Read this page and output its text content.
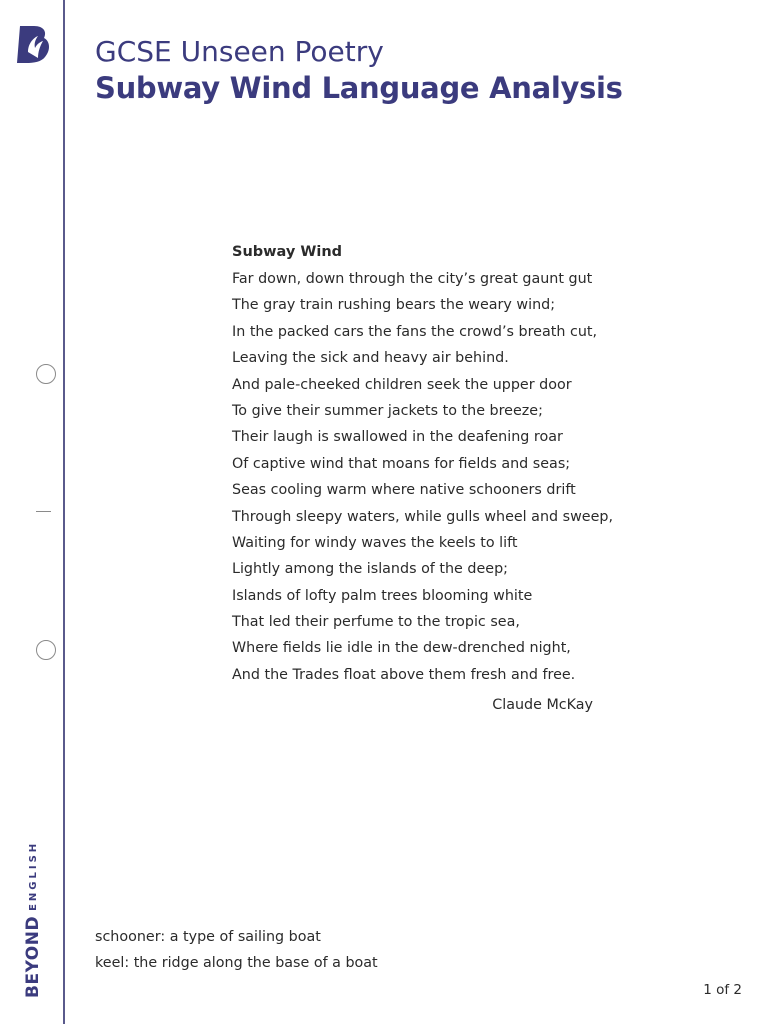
BEYOND
ENGLISH
GCSE Unseen Poetry
Subway Wind Language Analysis
Subway Wind
Far down, down through the city’s great gaunt gut
The gray train rushing bears the weary wind;
In the packed cars the fans the crowd’s breath cut,
Leaving the sick and heavy air behind.
And pale-cheeked children seek the upper door
To give their summer jackets to the breeze;
Their laugh is swallowed in the deafening roar
Of captive wind that moans for fields and seas;
Seas cooling warm where native schooners drift
Through sleepy waters, while gulls wheel and sweep,
Waiting for windy waves the keels to lift
Lightly among the islands of the deep;
Islands of lofty palm trees blooming white
That led their perfume to the tropic sea,
Where fields lie idle in the dew-drenched night,
And the Trades float above them fresh and free.
Claude McKay
schooner: a type of sailing boat
keel: the ridge along the base of a boat
1 of 2
